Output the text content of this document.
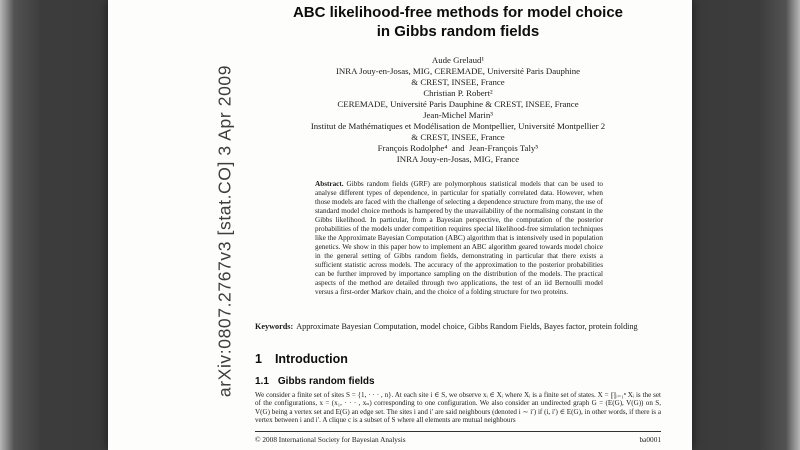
arXiv:0807.2767v3 [stat.CO] 3 Apr 2009
ABC likelihood-free methods for model choice
in Gibbs random fields
Aude Grelaud¹
INRA Jouy-en-Josas, MIG, CEREMADE, Université Paris Dauphine
& CREST, INSEE, France
Christian P. Robert²
CEREMADE, Université Paris Dauphine & CREST, INSEE, France
Jean-Michel Marin³
Institut de Mathématiques et Modélisation de Montpellier, Université Montpellier 2
& CREST, INSEE, France
François Rodolphe⁴ and Jean-François Taly⁵
INRA Jouy-en-Josas, MIG, France

Abstract. Gibbs random fields (GRF) are polymorphous statistical models that can be used to analyse different types of dependence, in particular for spatially correlated data. However, when those models are faced with the challenge of selecting a dependence structure from many, the use of standard model choice methods is hampered by the unavailability of the normalising constant in the Gibbs likelihood. In particular, from a Bayesian perspective, the computation of the posterior probabilities of the models under competition requires special likelihood-free simulation techniques like the Approximate Bayesian Computation (ABC) algorithm that is intensively used in population genetics. We show in this paper how to implement an ABC algorithm geared towards model choice in the general setting of Gibbs random fields, demonstrating in particular that there exists a sufficient statistic across models. The accuracy of the approximation to the posterior probabilities can be further improved by importance sampling on the distribution of the models. The practical aspects of the method are detailed through two applications, the test of an iid Bernoulli model versus a first-order Markov chain, and the choice of a folding structure for two proteins.

Keywords: Approximate Bayesian Computation, model choice, Gibbs Random Fields, Bayes factor, protein folding

1 Introduction
1.1 Gibbs random fields

We consider a finite set of sites S = {1, · · · , n}. At each site i ∈ S, we observe xᵢ ∈ Xᵢ where Xᵢ is a finite set of states. X = ∏ᵢ₌₁ⁿ Xᵢ is the set of the configurations, x = (x₁, · · · , xₙ) corresponding to one configuration. We also consider an undirected graph G = (E(G), V(G)) on S, V(G) being a vertex set and E(G) an edge set. The sites i and i′ are said neighbours (denoted i ∼ i′) if (i, i′) ∈ E(G), in other words, if there is a vertex between i and i′. A clique c is a subset of S where all elements are mutual neighbours

© 2008 International Society for Bayesian Analysis	ba0001
